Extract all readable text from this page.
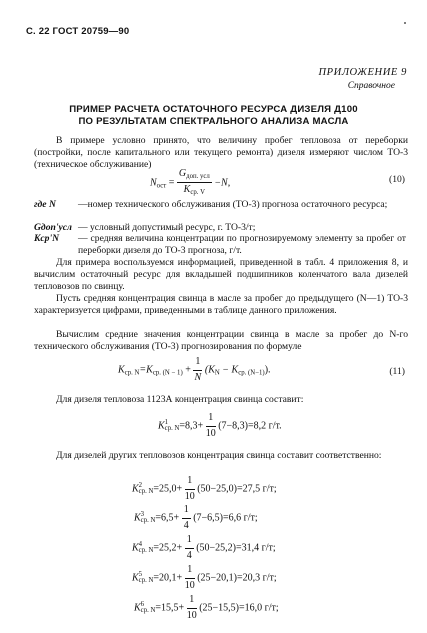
С. 22 ГОСТ 20759—90
ПРИЛОЖЕНИЕ 9
Справочное
ПРИМЕР РАСЧЕТА ОСТАТОЧНОГО РЕСУРСА ДИЗЕЛЯ Д100
ПО РЕЗУЛЬТАТАМ СПЕКТРАЛЬНОГО АНАЛИЗА МАСЛА
В примере условно принято, что величину пробег тепловоза от переборки (постройки, после капитального или текущего ремонта) дизеля измеряют числом ТО-3 (техническое обслуживание)
$N_{ост} = \frac{G_{доп. усл}}{K_{ср. V}} -N$,	(10)
где N —номер технического обслуживания (ТО-3) прогноза остаточного ресурса;
Gдоп'усл — условный допустимый ресурс, г. ТО-3/т;
Kср'N — средняя величина концентрации по прогнозируемому элементу за пробег от переборки дизеля до ТО-3 прогноза, г/т.
Для примера воспользуемся информацией, приведенной в табл. 4 приложения 8, и вычислим остаточный ресурс для вкладышей подшипников коленчатого вала дизелей тепловозов по свинцу.
Пусть средняя концентрация свинца в масле за пробег до предыдущего (N—1) ТО-3 характеризуется цифрами, приведенными в таблице данного приложения.
Вычислим средние значения концентрации свинца в масле за пробег до N-го технического обслуживания (ТО-3) прогнозирования по формуле
$K_{ср. N}=K_{ср. (N - 1)} + \frac{1}{N} (K_N - K_{ср. (N-1)})$.	(11)
Для дизеля тепловоза 1123А концентрация свинца составит:
K 1
ср. $N =8,3+ \frac{1}{10} (7-8,3)=8,2$ г/т.
Для дизелей других тепловозов концентрация свинца составит соответственно:
K 2
ср. $N =25,0+ \frac{1}{10} (50-25,0)=27,5$ г/т;
K 3
ср. $N =6,5+ \frac{1}{4} (7-6,5)=6,6$ г/т;
K 4
ср. $N =25,2+ \frac{1}{4} (50-25,2)=31,4$ г/т;
K 5
ср. $N =20,1+ \frac{1}{10} (25-20,1)=20,3$ г/т;
K 6
ср. $N =15,5+ \frac{1}{10} (25-15,5)=16,0$ г/т;
